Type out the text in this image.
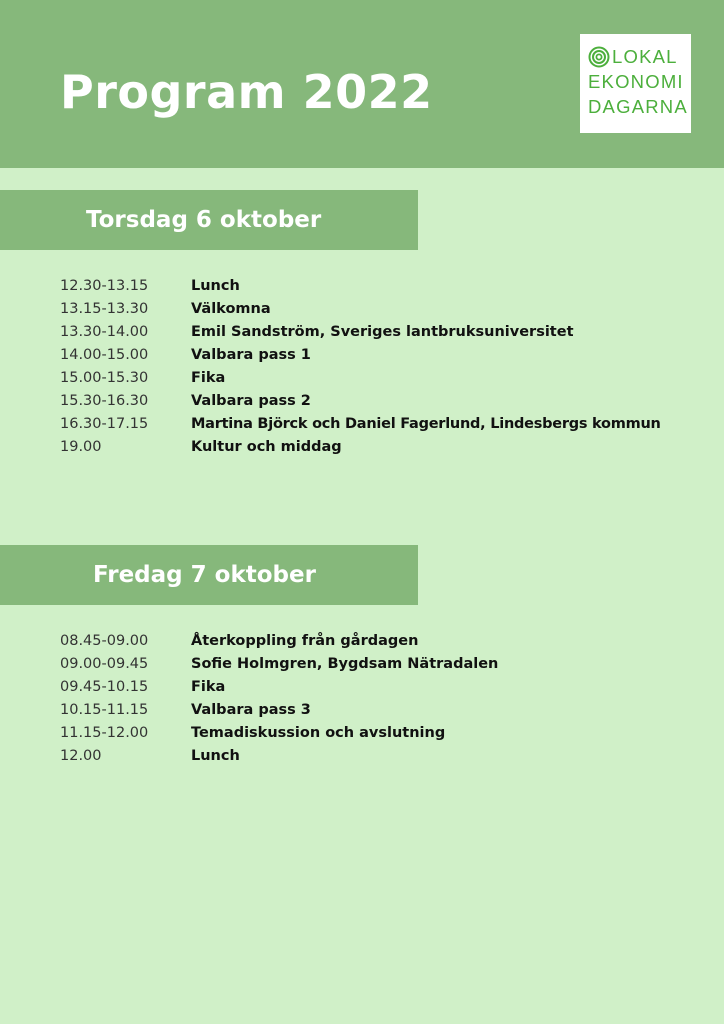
Program 2022
LOKAL
EKONOMI
DAGARNA
Torsdag 6 oktober
12.30-13.15	Lunch
13.15-13.30	Välkomna
13.30-14.00	Emil Sandström, Sveriges lantbruksuniversitet
14.00-15.00	Valbara pass 1
15.00-15.30	Fika
15.30-16.30	Valbara pass 2
16.30-17.15	Martina Björck och Daniel Fagerlund, Lindesbergs kommun
19.00	Kultur och middag
Fredag 7 oktober
08.45-09.00	Återkoppling från gårdagen
09.00-09.45	Sofie Holmgren, Bygdsam Nätradalen
09.45-10.15	Fika
10.15-11.15	Valbara pass 3
11.15-12.00	Temadiskussion och avslutning
12.00	Lunch
